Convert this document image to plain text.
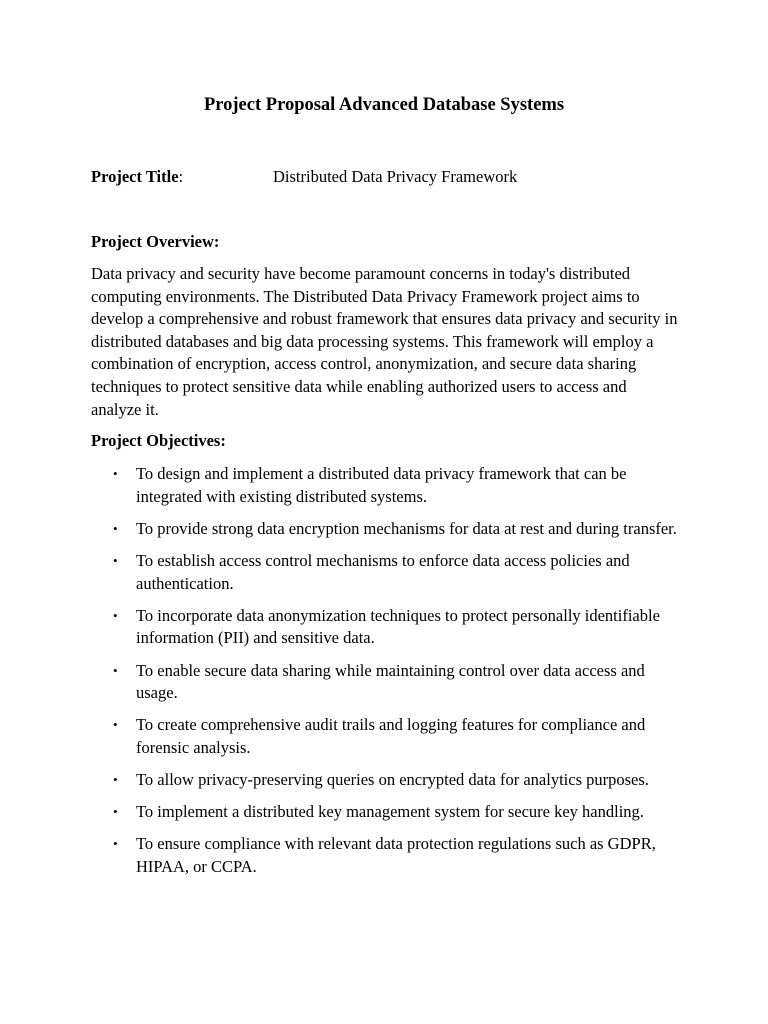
Project Proposal Advanced Database Systems
Project Title:	Distributed Data Privacy Framework
Project Overview:
Data privacy and security have become paramount concerns in today's distributed computing environments. The Distributed Data Privacy Framework project aims to develop a comprehensive and robust framework that ensures data privacy and security in distributed databases and big data processing systems. This framework will employ a combination of encryption, access control, anonymization, and secure data sharing techniques to protect sensitive data while enabling authorized users to access and analyze it.
Project Objectives:
• To design and implement a distributed data privacy framework that can be integrated with existing distributed systems.
• To provide strong data encryption mechanisms for data at rest and during transfer.
• To establish access control mechanisms to enforce data access policies and authentication.
• To incorporate data anonymization techniques to protect personally identifiable information (PII) and sensitive data.
• To enable secure data sharing while maintaining control over data access and usage.
• To create comprehensive audit trails and logging features for compliance and forensic analysis.
• To allow privacy-preserving queries on encrypted data for analytics purposes.
• To implement a distributed key management system for secure key handling.
• To ensure compliance with relevant data protection regulations such as GDPR, HIPAA, or CCPA.
